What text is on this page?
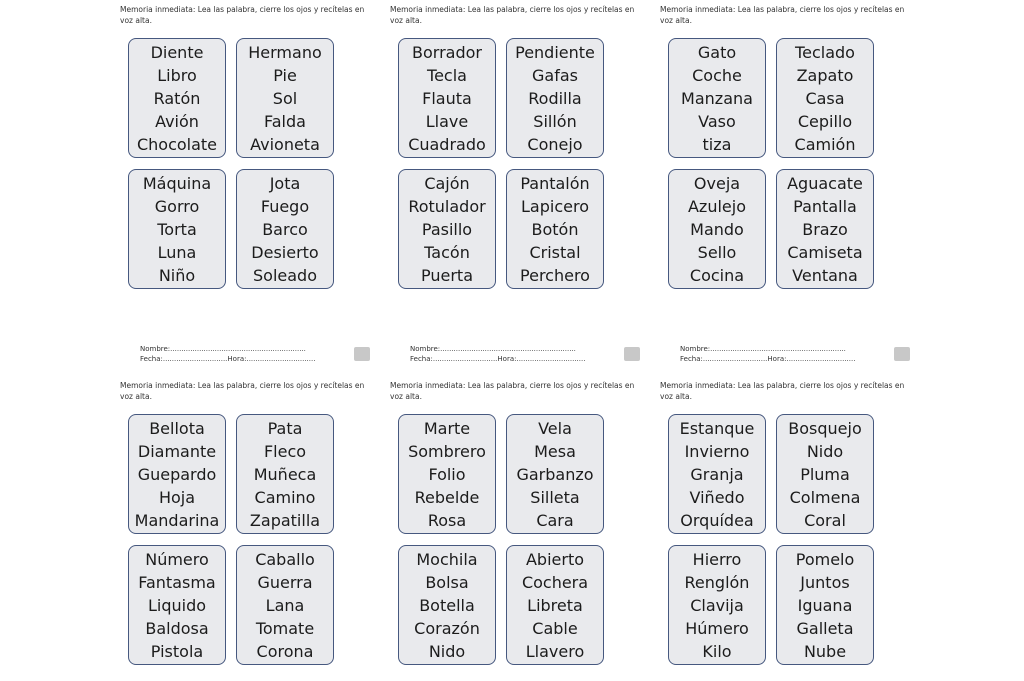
Memoria inmediata: Lea las palabra, cierre los ojos y recítelas en voz alta.
Diente
Libro
Ratón
Avión
Chocolate
Hermano
Pie
Sol
Falda
Avioneta
Máquina
Gorro
Torta
Luna
Niño
Jota
Fuego
Barco
Desierto
Soleado
Memoria inmediata: Lea las palabra, cierre los ojos y recítelas en voz alta.
Borrador
Tecla
Flauta
Llave
Cuadrado
Pendiente
Gafas
Rodilla
Sillón
Conejo
Cajón
Rotulador
Pasillo
Tacón
Puerta
Pantalón
Lapicero
Botón
Cristal
Perchero
Memoria inmediata: Lea las palabra, cierre los ojos y recítelas en voz alta.
Gato
Coche
Manzana
Vaso
tiza
Teclado
Zapato
Casa
Cepillo
Camión
Oveja
Azulejo
Mando
Sello
Cocina
Aguacate
Pantalla
Brazo
Camiseta
Ventana
Nombre:.............................................................
Fecha:.............................Hora:...............................
Memoria inmediata: Lea las palabra, cierre los ojos y recítelas en voz alta.
Bellota
Diamante
Guepardo
Hoja
Mandarina
Pata
Fleco
Muñeca
Camino
Zapatilla
Número
Fantasma
Liquido
Baldosa
Pistola
Caballo
Guerra
Lana
Tomate
Corona
Nombre:.............................................................
Fecha:.............................Hora:...............................
Memoria inmediata: Lea las palabra, cierre los ojos y recítelas en voz alta.
Marte
Sombrero
Folio
Rebelde
Rosa
Vela
Mesa
Garbanzo
Silleta
Cara
Mochila
Bolsa
Botella
Corazón
Nido
Abierto
Cochera
Libreta
Cable
Llavero
Nombre:.............................................................
Fecha:.............................Hora:...............................
Memoria inmediata: Lea las palabra, cierre los ojos y recítelas en voz alta.
Estanque
Invierno
Granja
Viñedo
Orquídea
Bosquejo
Nido
Pluma
Colmena
Coral
Hierro
Renglón
Clavija
Húmero
Kilo
Pomelo
Juntos
Iguana
Galleta
Nube
